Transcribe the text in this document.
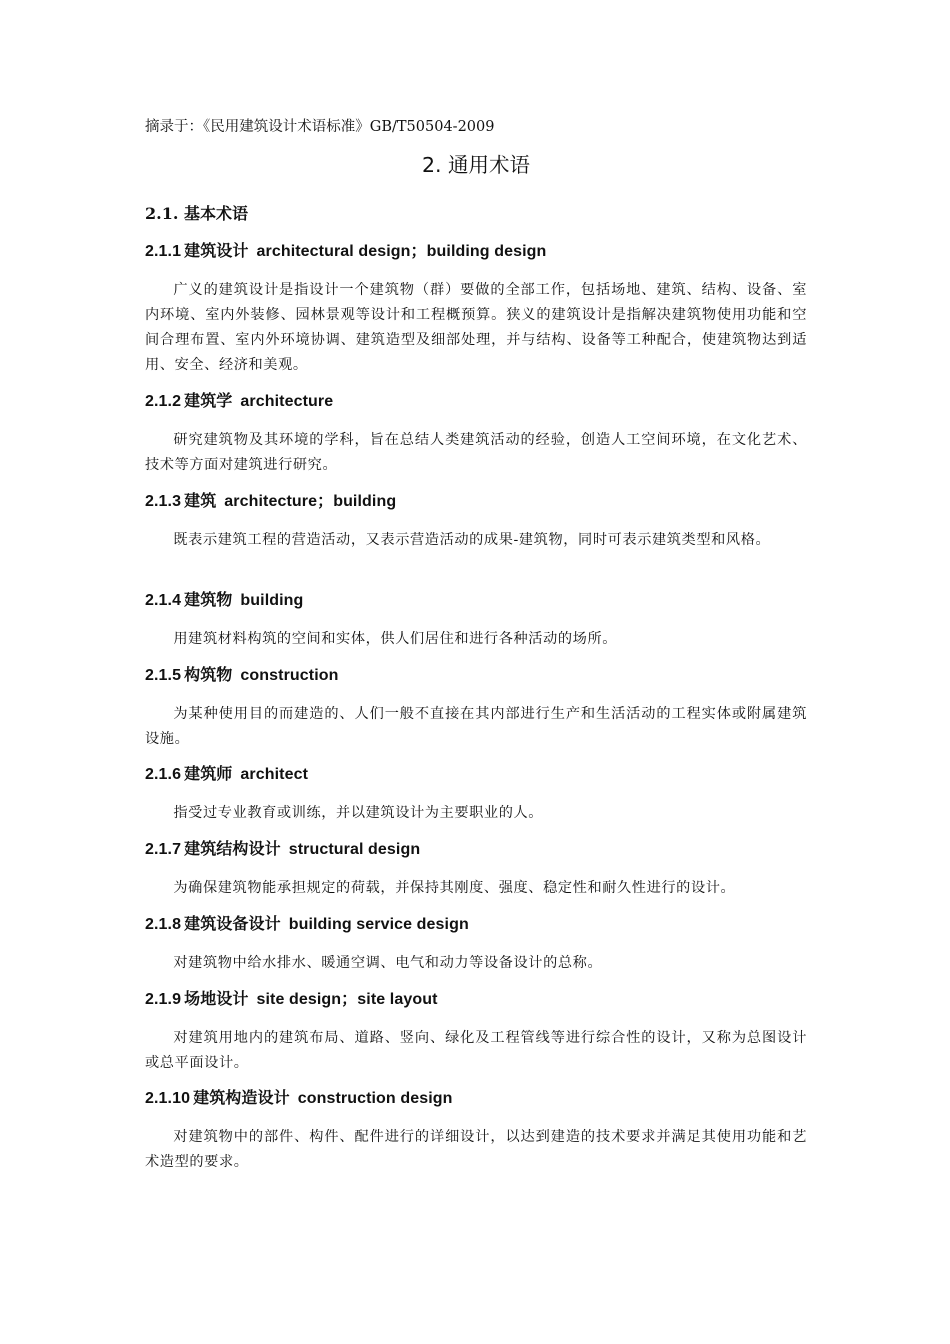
摘录于：《民用建筑设计术语标准》GB/T50504-2009
2. 通用术语
2.1. 基本术语
2.1.1 建筑设计 architectural design；building design
广义的建筑设计是指设计一个建筑物（群）要做的全部工作，包括场地、建筑、结构、设备、室内环境、室内外装修、园林景观等设计和工程概预算。狭义的建筑设计是指解决建筑物使用功能和空间合理布置、室内外环境协调、建筑造型及细部处理，并与结构、设备等工种配合，使建筑物达到适用、安全、经济和美观。
2.1.2 建筑学 architecture
研究建筑物及其环境的学科，旨在总结人类建筑活动的经验，创造人工空间环境，在文化艺术、技术等方面对建筑进行研究。
2.1.3 建筑 architecture；building
既表示建筑工程的营造活动，又表示营造活动的成果-建筑物，同时可表示建筑类型和风格。
2.1.4 建筑物 building
用建筑材料构筑的空间和实体，供人们居住和进行各种活动的场所。
2.1.5 构筑物 construction
为某种使用目的而建造的、人们一般不直接在其内部进行生产和生活活动的工程实体或附属建筑设施。
2.1.6 建筑师 architect
指受过专业教育或训练，并以建筑设计为主要职业的人。
2.1.7 建筑结构设计 structural design
为确保建筑物能承担规定的荷载，并保持其刚度、强度、稳定性和耐久性进行的设计。
2.1.8 建筑设备设计 building service design
对建筑物中给水排水、暖通空调、电气和动力等设备设计的总称。
2.1.9 场地设计 site design；site layout
对建筑用地内的建筑布局、道路、竖向、绿化及工程管线等进行综合性的设计，又称为总图设计或总平面设计。
2.1.10 建筑构造设计 construction design
对建筑物中的部件、构件、配件进行的详细设计，以达到建造的技术要求并满足其使用功能和艺术造型的要求。
